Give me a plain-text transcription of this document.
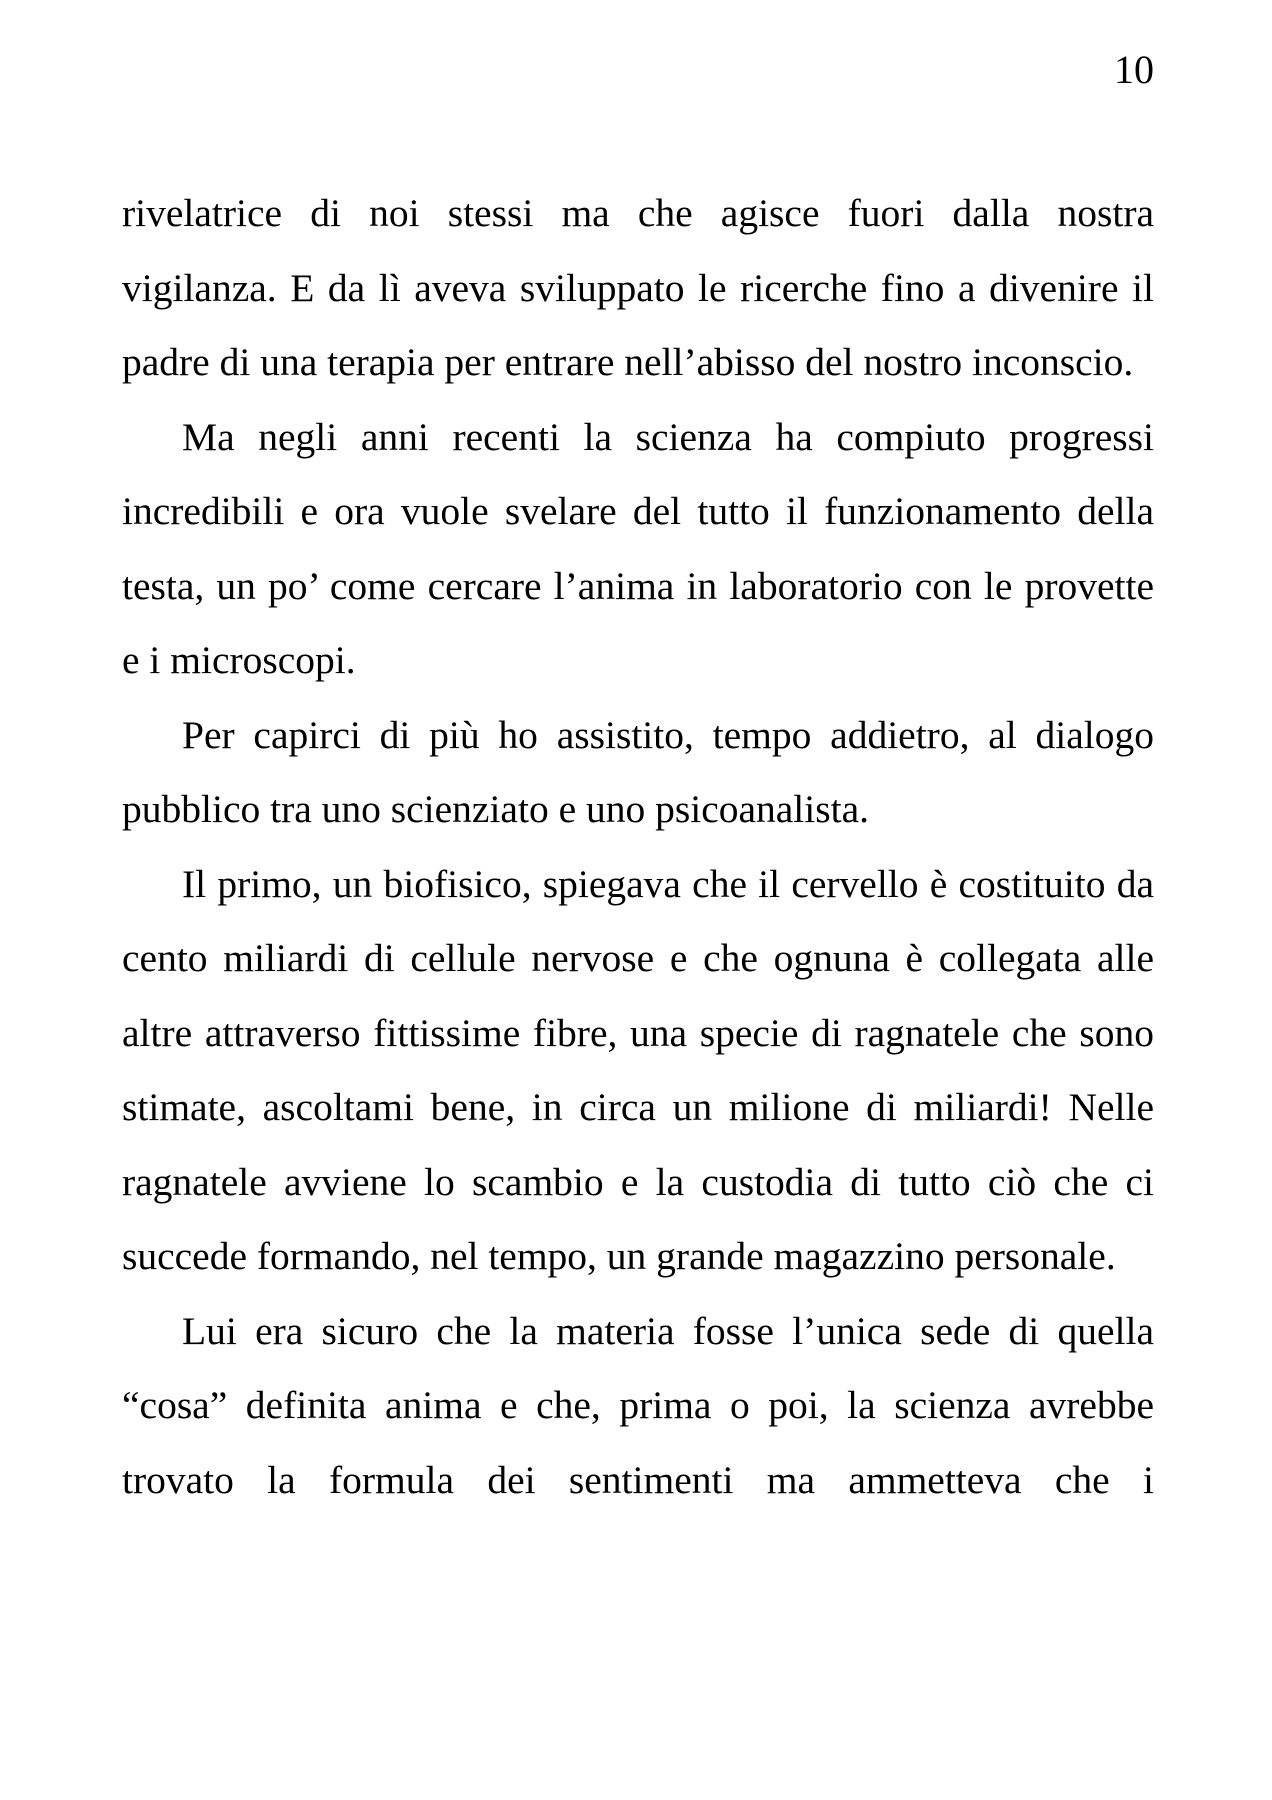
10

rivelatrice di noi stessi ma che agisce fuori dalla nostra vigilanza. E da lì aveva sviluppato le ricerche fino a divenire il padre di una terapia per entrare nell’abisso del nostro inconscio.

Ma negli anni recenti la scienza ha compiuto progressi incredibili e ora vuole svelare del tutto il funzionamento della testa, un po’ come cercare l’anima in laboratorio con le provette e i microscopi.

Per capirci di più ho assistito, tempo addietro, al dialogo pubblico tra uno scienziato e uno psicoanalista.

Il primo, un biofisico, spiegava che il cervello è costituito da cento miliardi di cellule nervose e che ognuna è collegata alle altre attraverso fittissime fibre, una specie di ragnatele che sono stimate, ascoltami bene, in circa un milione di miliardi! Nelle ragnatele avviene lo scambio e la custodia di tutto ciò che ci succede formando, nel tempo, un grande magazzino personale.

Lui era sicuro che la materia fosse l’unica sede di quella “cosa” definita anima e che, prima o poi, la scienza avrebbe trovato la formula dei sentimenti ma ammetteva che i
